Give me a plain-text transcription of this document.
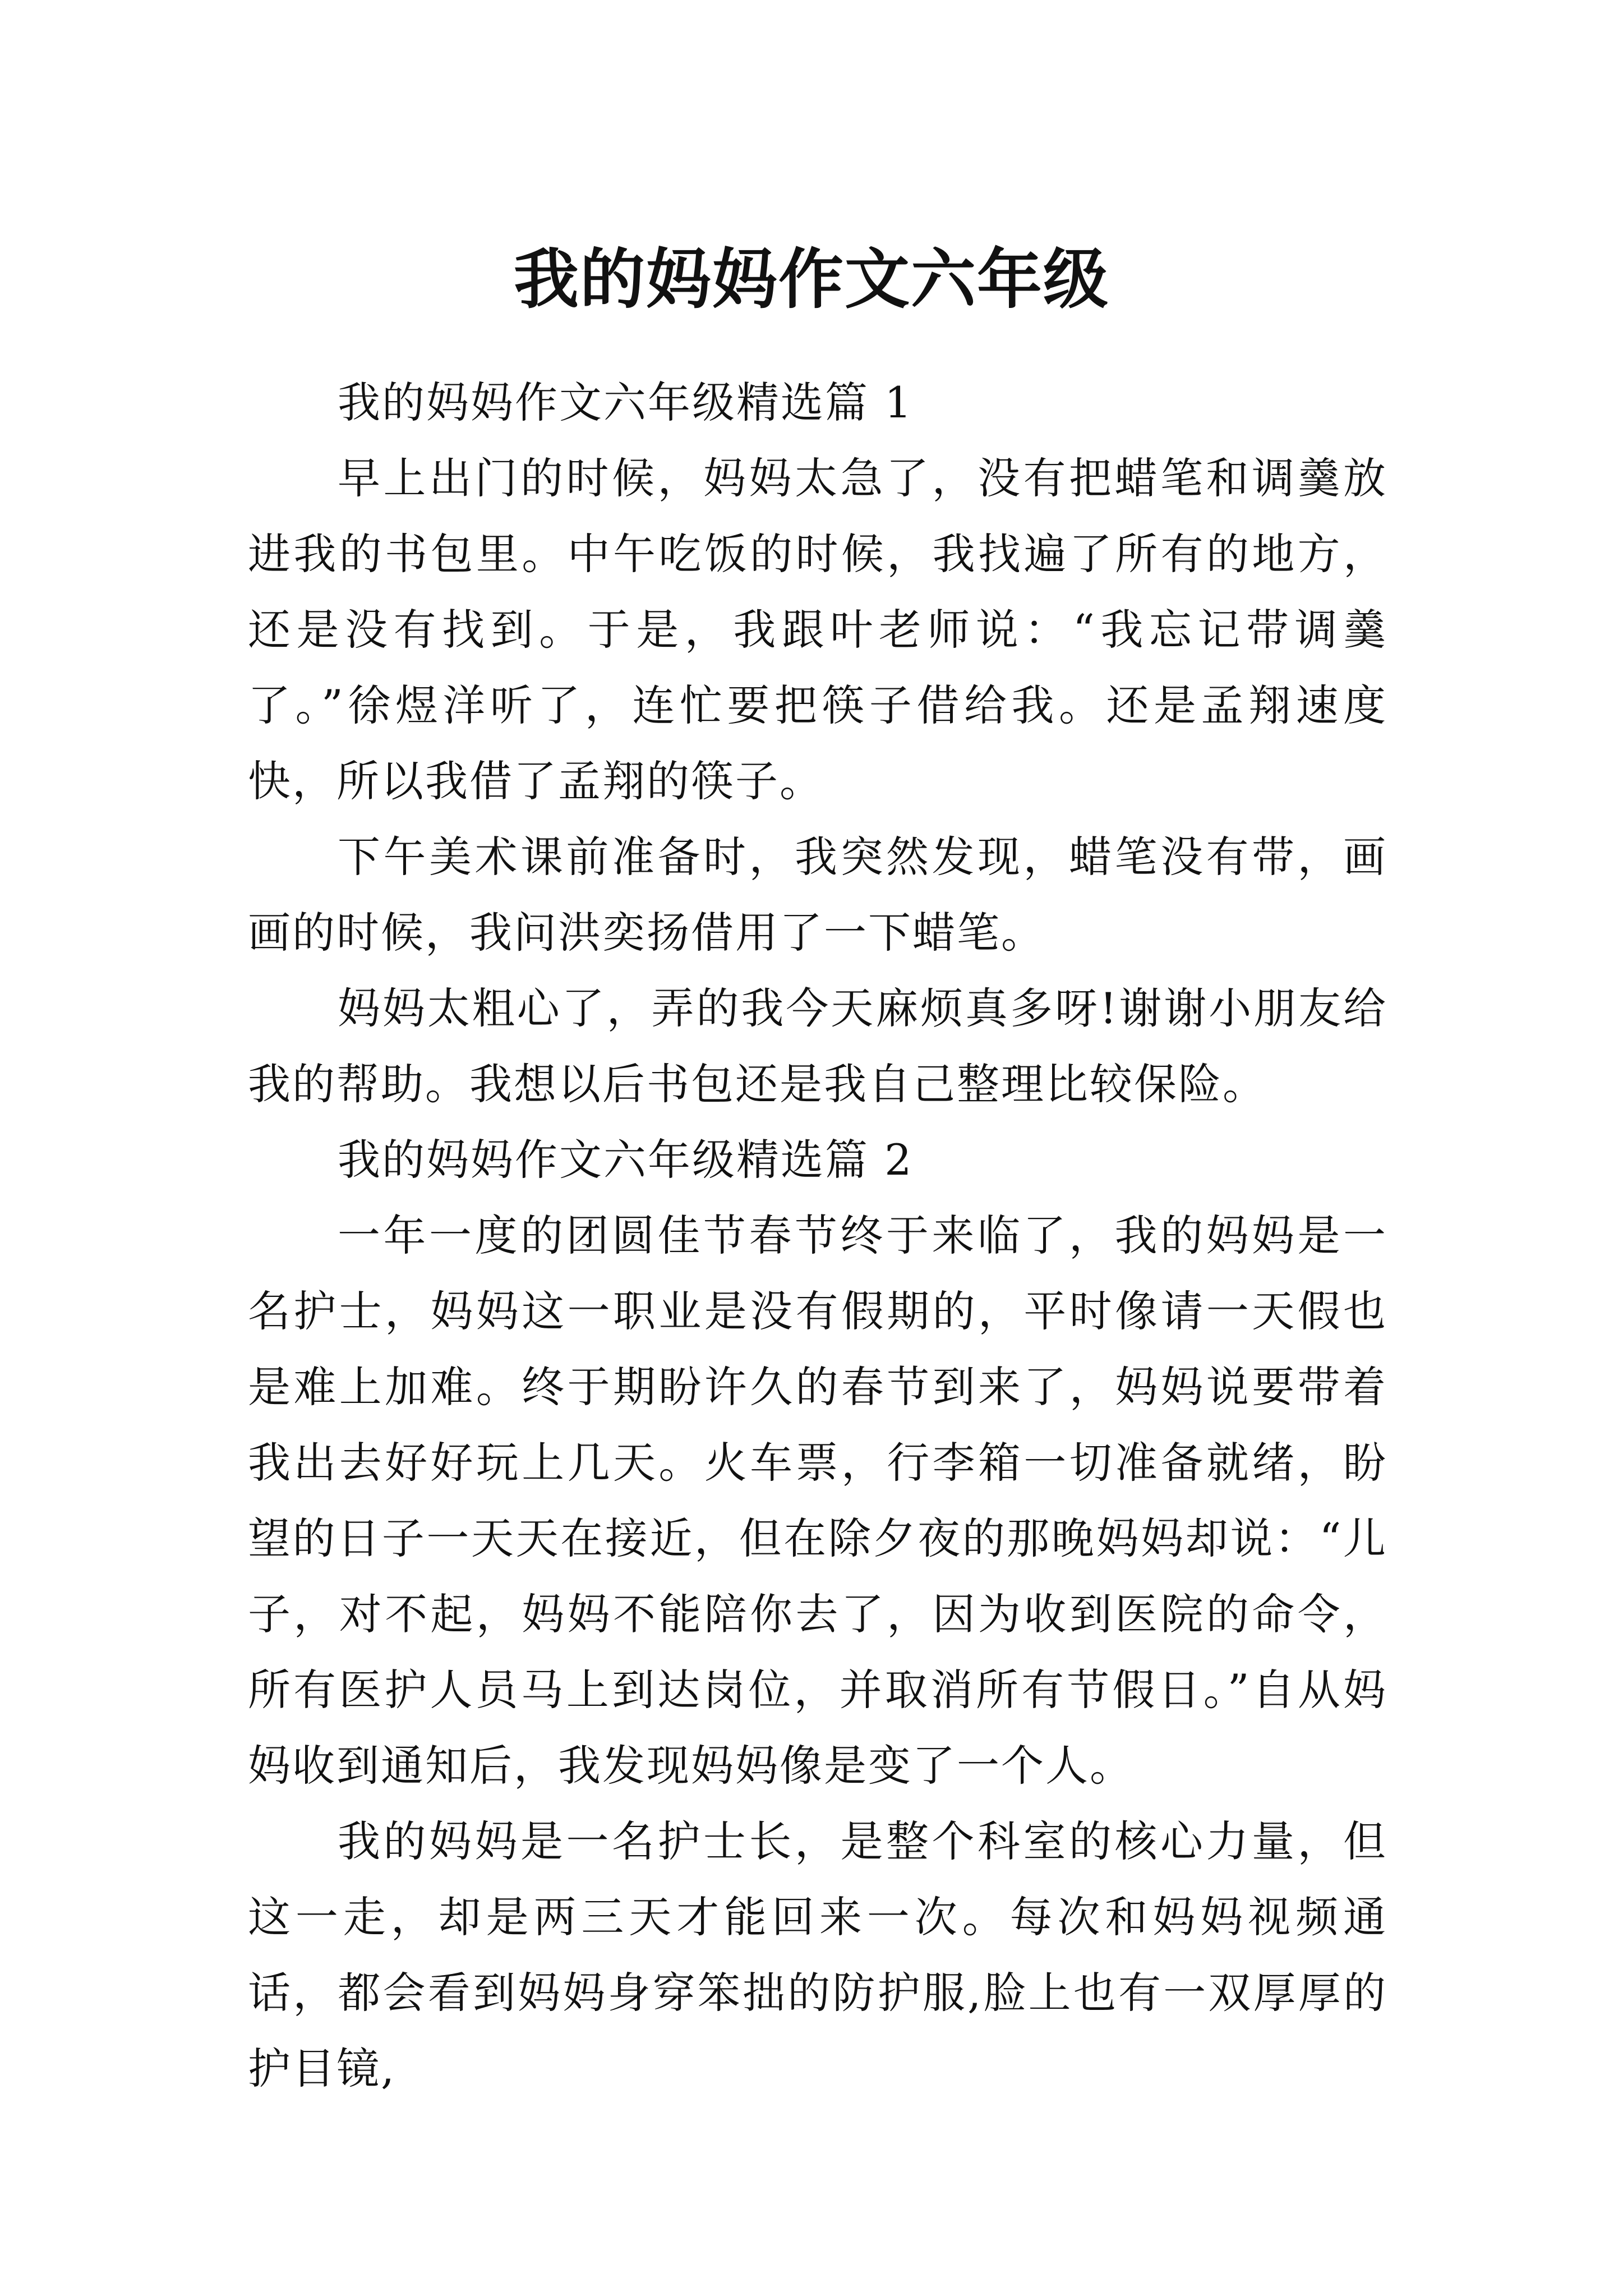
我的妈妈作文六年级

我的妈妈作文六年级精选篇 1

早上出门的时候，妈妈太急了，没有把蜡笔和调羹放进我的书包里。中午吃饭的时候，我找遍了所有的地方，还是没有找到。于是，我跟叶老师说：“我忘记带调羹了。”徐煜洋听了，连忙要把筷子借给我。还是孟翔速度快，所以我借了孟翔的筷子。

下午美术课前准备时，我突然发现，蜡笔没有带，画画的时候，我问洪奕扬借用了一下蜡笔。

妈妈太粗心了，弄的我今天麻烦真多呀!谢谢小朋友给我的帮助。我想以后书包还是我自己整理比较保险。

我的妈妈作文六年级精选篇 2

一年一度的团圆佳节春节终于来临了，我的妈妈是一名护士，妈妈这一职业是没有假期的，平时像请一天假也是难上加难。终于期盼许久的春节到来了，妈妈说要带着我出去好好玩上几天。火车票，行李箱一切准备就绪，盼望的日子一天天在接近，但在除夕夜的那晚妈妈却说：“儿子，对不起，妈妈不能陪你去了，因为收到医院的命令，所有医护人员马上到达岗位，并取消所有节假日。”自从妈妈收到通知后，我发现妈妈像是变了一个人。

我的妈妈是一名护士长，是整个科室的核心力量，但这一走，却是两三天才能回来一次。每次和妈妈视频通话，都会看到妈妈身穿笨拙的防护服,脸上也有一双厚厚的护目镜,
